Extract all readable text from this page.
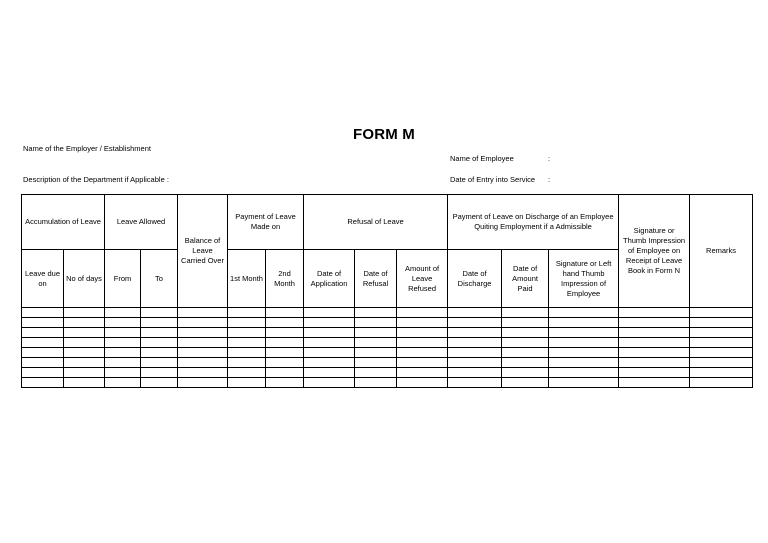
FORM M
Name of the Employer / Establishment
Description of the Department if Applicable :
Name of Employee	:
Date of Entry into Service :
Accumulation of Leave		Leave Allowed		Balance of Leave Carried Over	Payment of Leave Made on		Refusal of Leave			Payment of Leave on Discharge of an Employee Quiting Employment if a Admissible			Signature or Thumb Impression of Employee on Receipt of Leave Book in Form N	Remarks
Leave due on	No of days	From	To		1st Month	2nd Month	Date of Application	Date of Refusal	Amount of Leave Refused	Date of Discharge	Date of Amount Paid	Signature or Left hand Thumb Impression of Employee		
